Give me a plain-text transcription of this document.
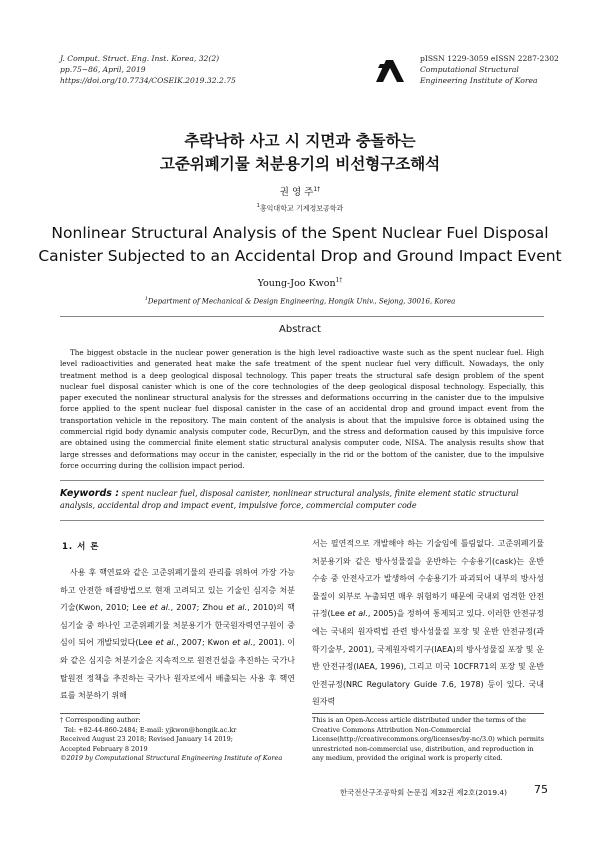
J. Comput. Struct. Eng. Inst. Korea, 32(2)
pp.75~86, April, 2019
https://doi.org/10.7734/COSEIK.2019.32.2.75
pISSN 1229-3059 eISSN 2287-2302
Computational Structural
Engineering Institute of Korea
추락낙하 사고 시 지면과 충돌하는
고준위폐기물 처분용기의 비선형구조해석
권 영 주$^{1\dagger}$
$^1$홍익대학교 기계정보공학과
Nonlinear Structural Analysis of the Spent Nuclear Fuel Disposal
Canister Subjected to an Accidental Drop and Ground Impact Event
Young-Joo Kwon$^{1\dagger}$
$^1$Department of Mechanical & Design Engineering, Hongik Univ., Sejong, 30016, Korea
Abstract
The biggest obstacle in the nuclear power generation is the high level radioactive waste such as the spent nuclear fuel. High level radioactivities and generated heat make the safe treatment of the spent nuclear fuel very difficult. Nowadays, the only treatment method is a deep geological disposal technology. This paper treats the structural safe design problem of the spent nuclear fuel disposal canister which is one of the core technologies of the deep geological disposal technology. Especially, this paper executed the nonlinear structural analysis for the stresses and deformations occurring in the canister due to the impulsive force applied to the spent nuclear fuel disposal canister in the case of an accidental drop and ground impact event from the transportation vehicle in the repository. The main content of the analysis is about that the impulsive force is obtained using the commercial rigid body dynamic analysis computer code, RecurDyn, and the stress and deformation caused by this impulsive force are obtained using the commercial finite element static structural analysis computer code, NISA. The analysis results show that large stresses and deformations may occur in the canister, especially in the rid or the bottom of the canister, due to the impulsive force occurring during the collision impact period.
Keywords : spent nuclear fuel, disposal canister, nonlinear structural analysis, finite element static structural analysis, accidental drop and impact event, impulsive force, commercial computer code
1. 서 론

사용 후 핵연료와 같은 고준위폐기물의 관리를 위하여 가장 가능하고 안전한 해결방법으로 현재 고려되고 있는 기술인 심지층 처분기술(Kwon, 2010; Lee et al., 2007; Zhou et al., 2010)의 핵심기술 중 하나인 고준위폐기물 처분용기가 한국원자력연구원이 중심이 되어 개발되었다(Lee et al., 2007; Kwon et al., 2001). 이와 같은 심지층 처분기술은 지속적으로 원전건설을 추진하는 국가나 탈원전 정책을 추진하는 국가나 원자로에서 배출되는 사용 후 핵연료를 처분하기 위해

서는 필연적으로 개발해야 하는 기술임에 틀림없다. 고준위폐기물 처분용기와 같은 방사성물질을 운반하는 수송용기(cask)는 운반 수송 중 안전사고가 발생하여 수송용기가 파괴되어 내부의 방사성물질이 외부로 누출되면 매우 위험하기 때문에 국내외 엄격한 안전규정(Lee et al., 2005)을 정하여 통제되고 있다. 이러한 안전규정에는 국내의 원자력법 관련 방사성물질 포장 및 운반 안전규정(과학기술부, 2001), 국제원자력기구(IAEA)의 방사성물질 포장 및 운반 안전규정(IAEA, 1996), 그리고 미국 10CFR71의 포장 및 운반 안전규정(NRC Regulatory Guide 7.6, 1978) 등이 있다. 국내 원자력

† Corresponding author:
Tel: +82-44-860-2484; E-mail: yjkwon@hongik.ac.kr
Received August 23 2018; Revised January 14 2019;
Accepted February 8 2019
©2019 by Computational Structural Engineering Institute of Korea
This is an Open-Access article distributed under the terms of the Creative Commons Attribution Non-Commercial License(http://creativecommons.org/licenses/by-nc/3.0) which permits unrestricted non-commercial use, distribution, and reproduction in any medium, provided the original work is properly cited.
한국전산구조공학회 논문집 제32권 제2호(2019.4) 75
